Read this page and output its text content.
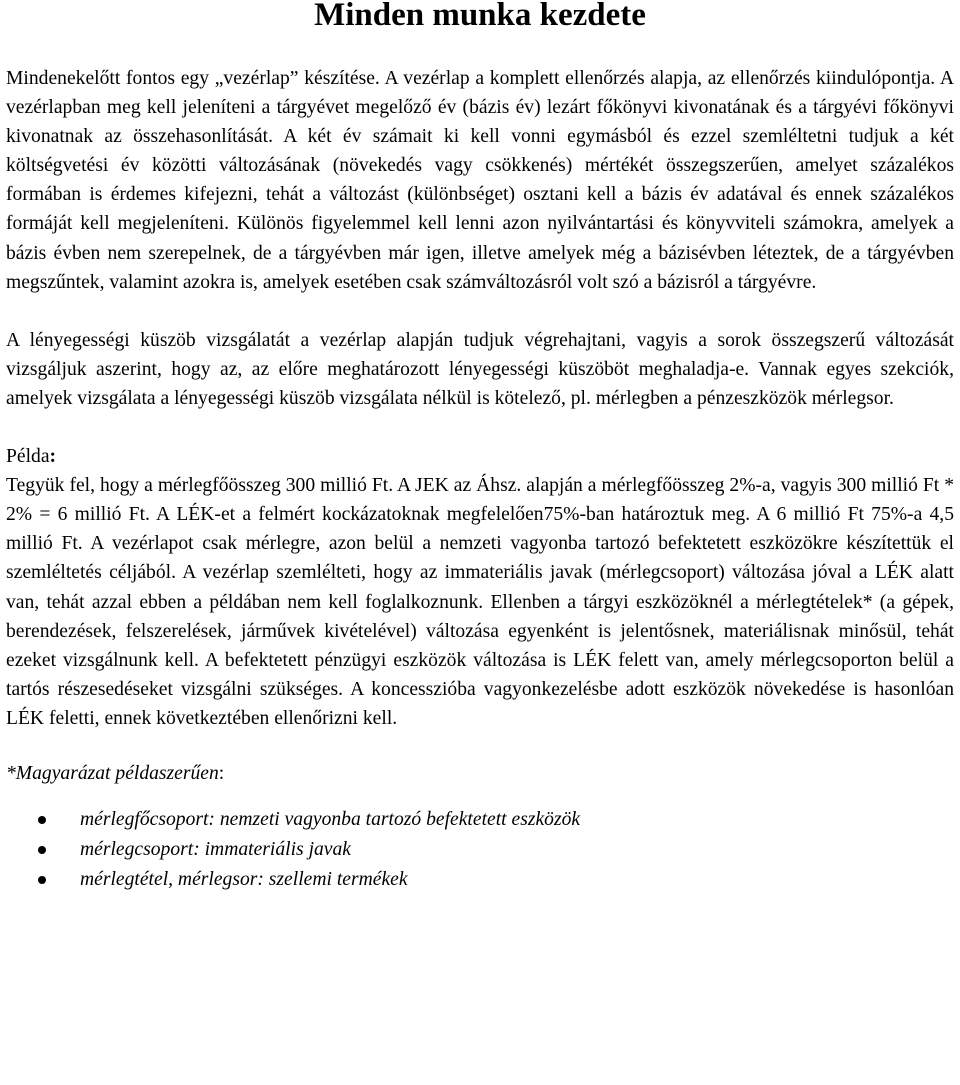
Minden munka kezdete

Mindenekelőtt fontos egy „vezérlap” készítése. A vezérlap a komplett ellenőrzés alapja, az ellenőrzés kiindulópontja. A vezérlapban meg kell jeleníteni a tárgyévet megelőző év (bázis év) lezárt főkönyvi kivonatának és a tárgyévi főkönyvi kivonatnak az összehasonlítását. A két év számait ki kell vonni egymásból és ezzel szemléltetni tudjuk a két költségvetési év közötti változásának (növekedés vagy csökkenés) mértékét összegszerűen, amelyet százalékos formában is érdemes kifejezni, tehát a változást (különbséget) osztani kell a bázis év adatával és ennek százalékos formáját kell megjeleníteni. Különös figyelemmel kell lenni azon nyilvántartási és könyvviteli számokra, amelyek a bázis évben nem szerepelnek, de a tárgyévben már igen, illetve amelyek még a bázisévben léteztek, de a tárgyévben megszűntek, valamint azokra is, amelyek esetében csak számváltozásról volt szó a bázisról a tárgyévre.

A lényegességi küszöb vizsgálatát a vezérlap alapján tudjuk végrehajtani, vagyis a sorok összegszerű változását vizsgáljuk aszerint, hogy az, az előre meghatározott lényegességi küszöböt meghaladja-e. Vannak egyes szekciók, amelyek vizsgálata a lényegességi küszöb vizsgálata nélkül is kötelező, pl. mérlegben a pénzeszközök mérlegsor.

Példa:

Tegyük fel, hogy a mérlegfőösszeg 300 millió Ft. A JEK az Áhsz. alapján a mérlegfőösszeg 2%-a, vagyis 300 millió Ft * 2% = 6 millió Ft. A LÉK-et a felmért kockázatoknak megfelelően75%-ban határoztuk meg. A 6 millió Ft 75%-a 4,5 millió Ft. A vezérlapot csak mérlegre, azon belül a nemzeti vagyonba tartozó befektetett eszközökre készítettük el szemléltetés céljából. A vezérlap szemlélteti, hogy az immateriális javak (mérlegcsoport) változása jóval a LÉK alatt van, tehát azzal ebben a példában nem kell foglalkoznunk. Ellenben a tárgyi eszközöknél a mérlegtételek* (a gépek, berendezések, felszerelések, járművek kivételével) változása egyenként is jelentősnek, materiálisnak minősül, tehát ezeket vizsgálnunk kell. A befektetett pénzügyi eszközök változása is LÉK felett van, amely mérlegcsoporton belül a tartós részesedéseket vizsgálni szükséges. A koncesszióba vagyonkezelésbe adott eszközök növekedése is hasonlóan LÉK feletti, ennek következtében ellenőrizni kell.

*Magyarázat példaszerűen:

mérlegfőcsoport: nemzeti vagyonba tartozó befektetett eszközök
mérlegcsoport: immateriális javak
mérlegtétel, mérlegsor: szellemi termékek
